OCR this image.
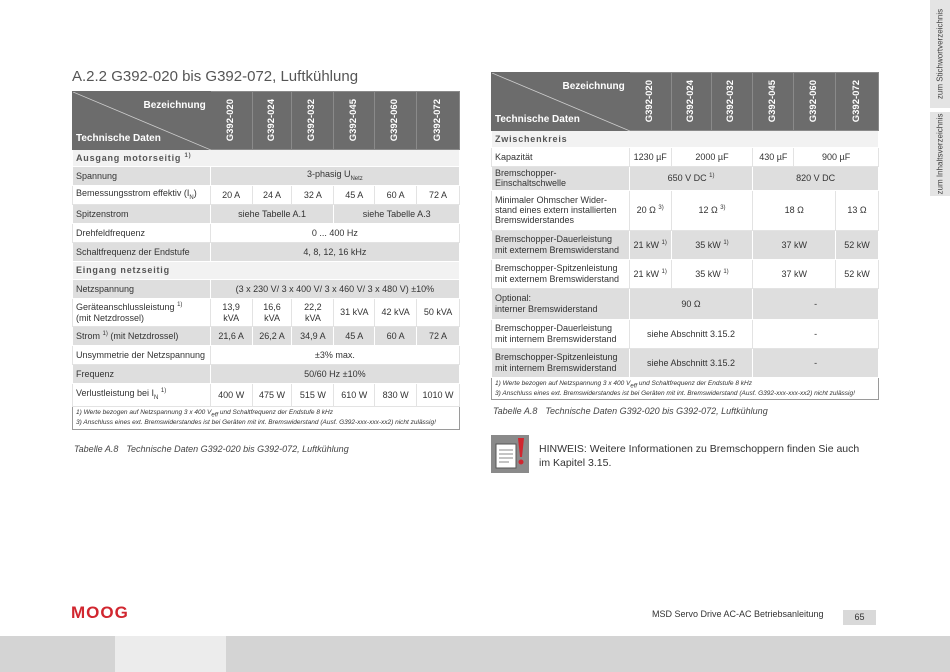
A.2.2 G392-020 bis G392-072, Luftkühlung
Bezeichnung
Technische Daten	G392-020	G392-024	G392-032	G392-045	G392-060	G392-072

Ausgang motorseitig $^{1)}$
Spannung	3-phasig $U_{Netz}$
Bemessungsstrom effektiv $(I_N)$	20 A	24 A	32 A	45 A	60 A	72 A
Spitzenstrom	siehe Tabelle A.1			siehe Tabelle A.3		
Drehfeldfrequenz	0 ... 400 Hz					
Schaltfrequenz der Endstufe	4, 8, 12, 16 kHz					
Eingang netzseitig						
Netzspannung	(3 x 230 V/ 3 x 400 V/ 3 x 460 V/ 3 x 480 V) ±10%					
Geräteanschlussleistung $^{1)}$
(mit Netzdrossel)	13,9 kVA	16,6 kVA	22,2 kVA	31 kVA	42 kVA	50 kVA
Strom $^{1)}$ (mit Netzdrossel)	21,6 A	26,2 A	34,9 A	45 A	60 A	72 A
Unsymmetrie der Netzspannung	±3% max.					
Frequenz	50/60 Hz ±10%					
Verlustleistung bei $I_N$ $^{1)}$	400 W	475 W	515 W	610 W	830 W	1010 W

1) Werte bezogen auf Netzspannung 3 x 400 $V_{eff}$ und Schaltfrequenz der Endstufe 8 kHz
3) Anschluss eines ext. Bremswiderstandes ist bei Geräten mit int. Bremswiderstand (Ausf. G392-xxx-xxx-xx2) nicht zulässig!						
Tabelle A.8 Technische Daten G392-020 bis G392-072, Luftkühlung
Bezeichnung
Technische Daten	G392-020	G392-024	G392-032	G392-045	G392-060	G392-072

Zwischenkreis						
Kapazität	1230 µF	2000 µF		430 µF	900 µF	
Bremschopper-Einschaltschwelle	650 V DC $^{1)}$			820 V DC		
Minimaler Ohmscher Wider-
stand eines extern installierten
Bremswiderstandes	20 Ω $^{3)}$	12 Ω $^{3)}$		18 Ω		13 Ω
Bremschopper-Dauerleistung
mit externem Bremswiderstand	21 kW $^{1)}$	35 kW $^{1)}$		37 kW		52 kW
Bremschopper-Spitzenleistung
mit externem Bremswiderstand	21 kW $^{1)}$	35 kW $^{1)}$		37 kW		52 kW
Optional:
interner Bremswiderstand	90 Ω			-		
Bremschopper-Dauerleistung
mit internem Bremswiderstand	siehe Abschnitt 3.15.2			-		
Bremschopper-Spitzenleistung
mit internem Bremswiderstand	siehe Abschnitt 3.15.2			-		

1) Werte bezogen auf Netzspannung 3 x 400 $V_{eff}$ und Schaltfrequenz der Endstufe 8 kHz
3) Anschluss eines ext. Bremswiderstandes ist bei Geräten mit int. Bremswiderstand (Ausf. G392-xxx-xxx-xx2) nicht zulässig!						
Tabelle A.8 Technische Daten G392-020 bis G392-072, Luftkühlung
HINWEIS: Weitere Informationen zu Bremschoppern finden Sie auch im Kapitel 3.15.
zum Stichwortverzeichnis
zum Inhaltsverzeichnis
MOOG	MSD Servo Drive AC-AC Betriebsanleitung	65
